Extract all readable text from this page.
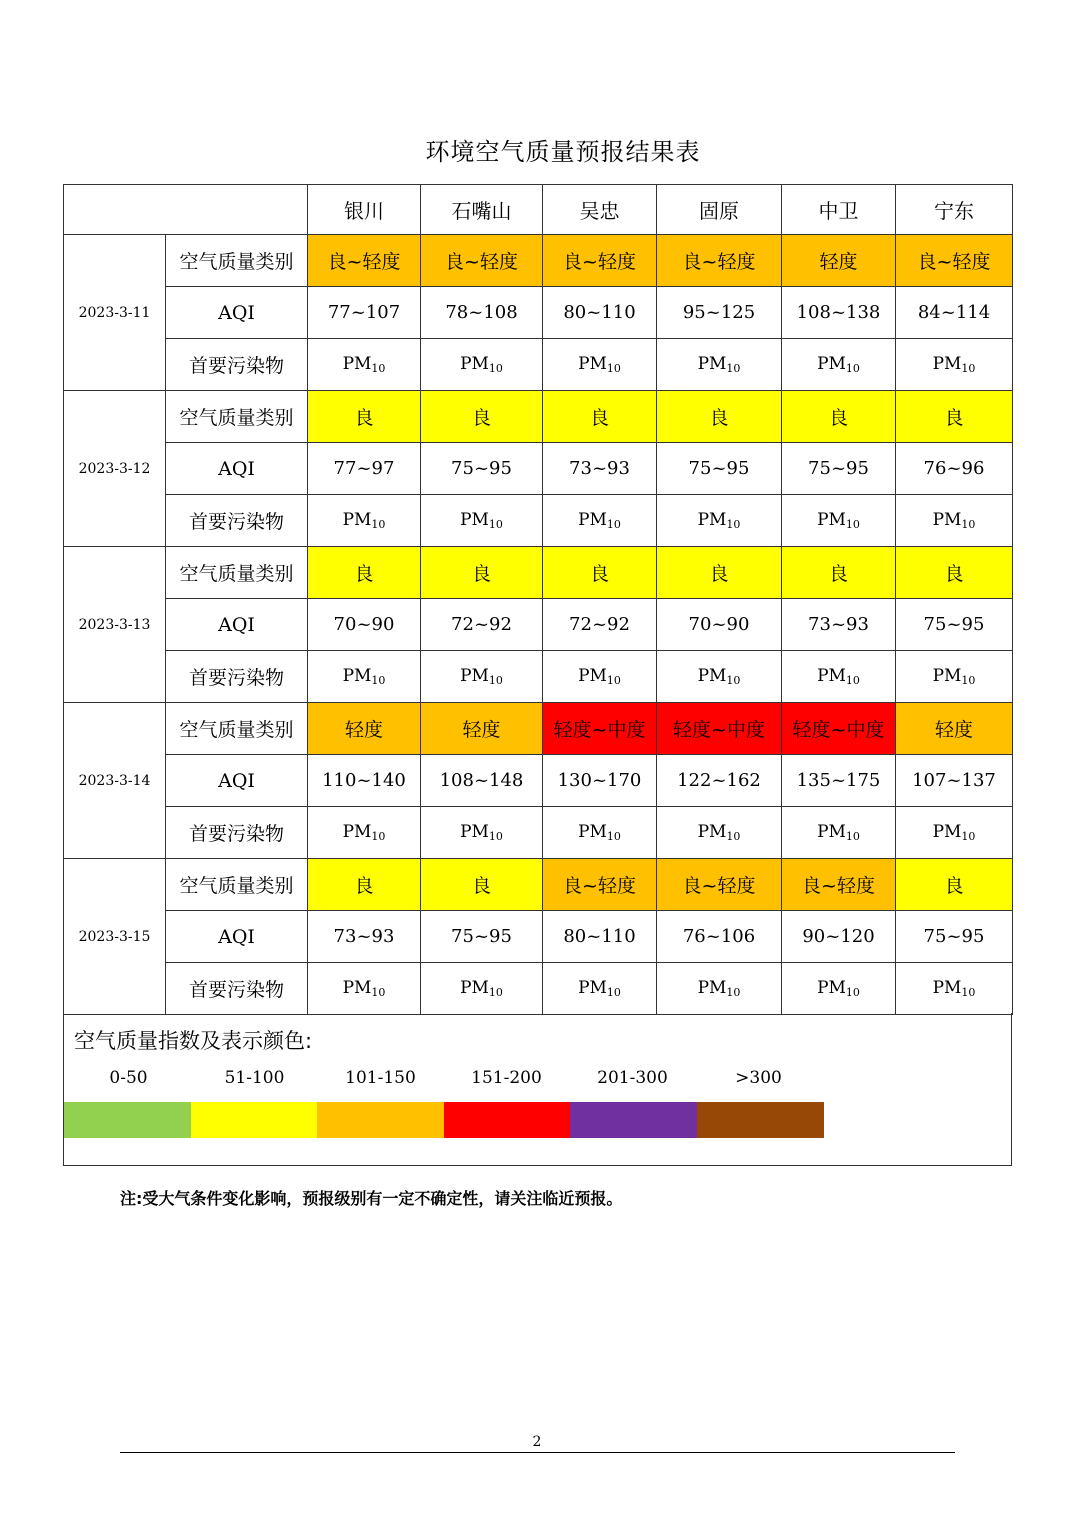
环境空气质量预报结果表
		银川	石嘴山	吴忠	固原	中卫	宁东
2023-3-11	空气质量类别	良~轻度	良~轻度	良~轻度	良~轻度	轻度	良~轻度
	AQI	77~107	78~108	80~110	95~125	108~138	84~114
	首要污染物	$PM_{10}$	$PM_{10}$	$PM_{10}$	$PM_{10}$	$PM_{10}$	$PM_{10}$
2023-3-12	空气质量类别	良	良	良	良	良	良
	AQI	77~97	75~95	73~93	75~95	75~95	76~96
	首要污染物	$PM_{10}$	$PM_{10}$	$PM_{10}$	$PM_{10}$	$PM_{10}$	$PM_{10}$
2023-3-13	空气质量类别	良	良	良	良	良	良
	AQI	70~90	72~92	72~92	70~90	73~93	75~95
	首要污染物	$PM_{10}$	$PM_{10}$	$PM_{10}$	$PM_{10}$	$PM_{10}$	$PM_{10}$
2023-3-14	空气质量类别	轻度	轻度	轻度~中度	轻度~中度	轻度~中度	轻度
	AQI	110~140	108~148	130~170	122~162	135~175	107~137
	首要污染物	$PM_{10}$	$PM_{10}$	$PM_{10}$	$PM_{10}$	$PM_{10}$	$PM_{10}$
2023-3-15	空气质量类别	良	良	良~轻度	良~轻度	良~轻度	良
	AQI	73~93	75~95	80~110	76~106	90~120	75~95
	首要污染物	$PM_{10}$	$PM_{10}$	$PM_{10}$	$PM_{10}$	$PM_{10}$	$PM_{10}$
空气质量指数及表示颜色:
0-50	51-100	101-150	151-200	201-300	>300
注:受大气条件变化影响，预报级别有一定不确定性，请关注临近预报。
2
